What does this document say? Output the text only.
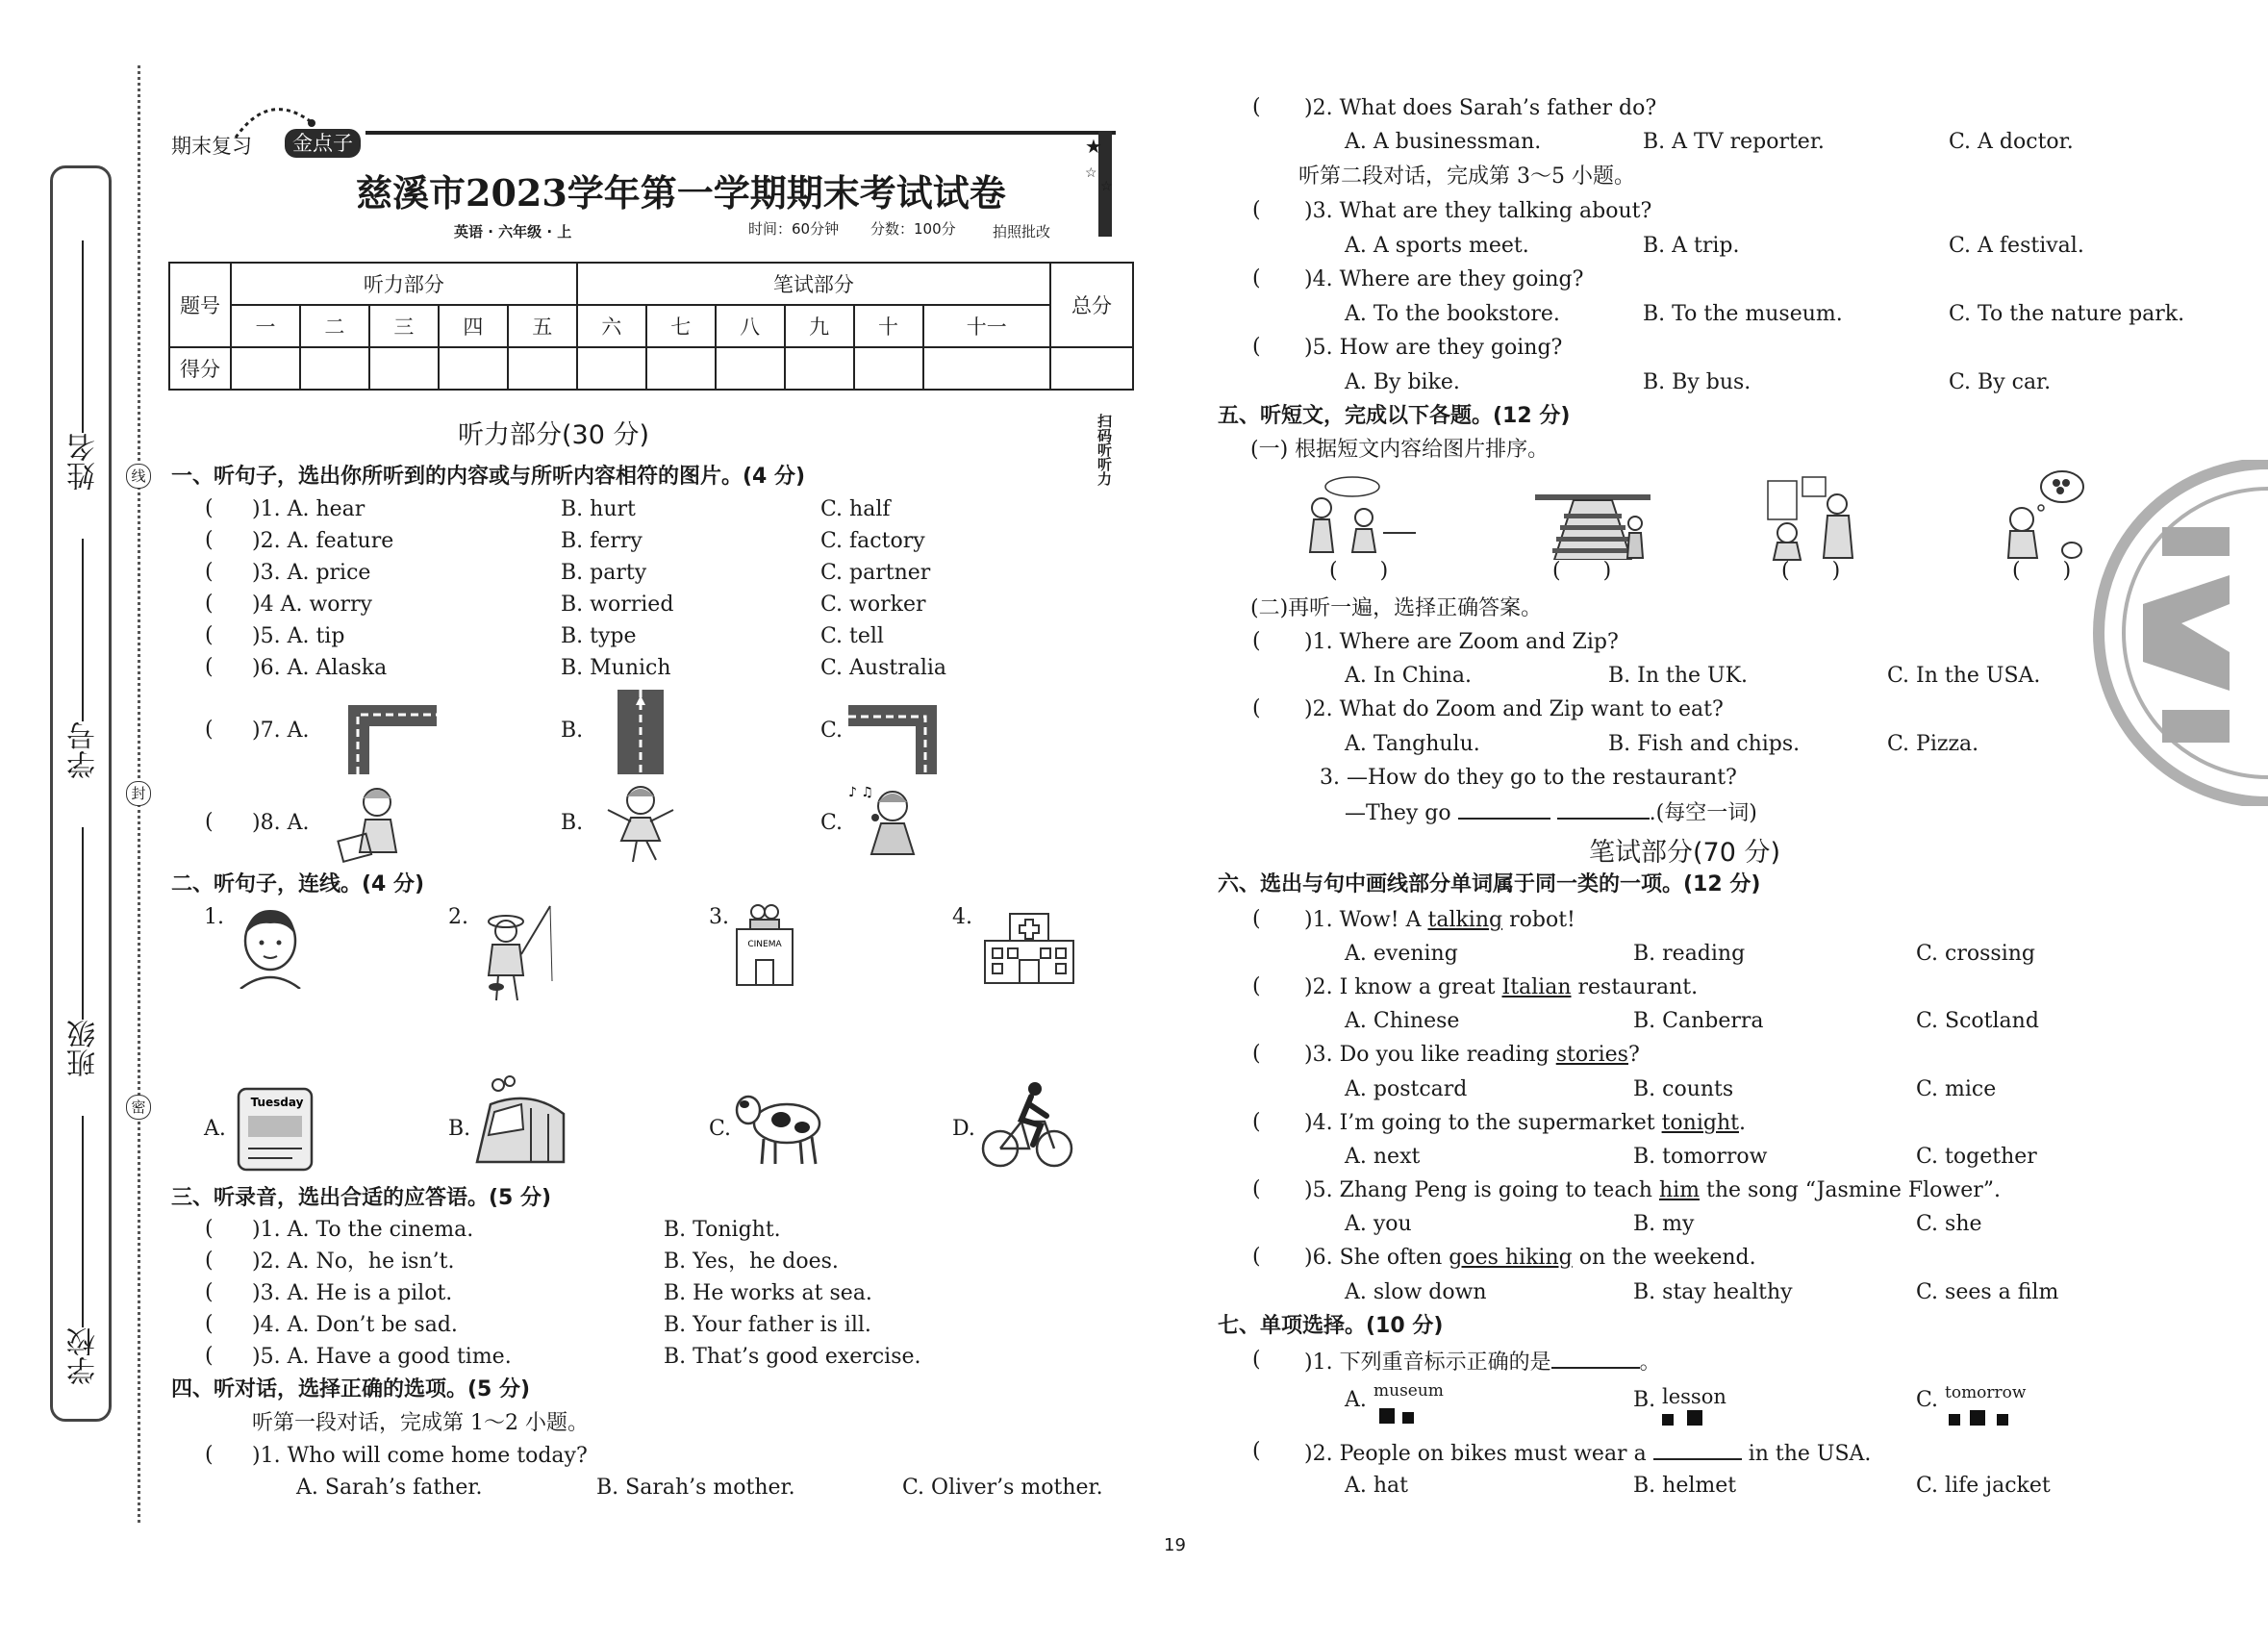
姓名
学号
班级
学校
线
封
密
期末复习	金点子	★
☆
☆
慈溪市2023学年第一学期期末考试试卷
英语 · 六年级 · 上	时间：60分钟 分数：100分	拍照批改
题号	听力部分					笔试部分						总分
	一	二	三	四	五	六	七	八	九	十	十一	
得分												
听力部分(30 分)	扫码听听力
一、听句子，选出你所听到的内容或与所听内容相符的图片。(4 分)
( )1. A. hear	B. hurt	C. half
( )2. A. feature	B. ferry	C. factory
( )3. A. price	B. party	C. partner
( )4 A. worry	B. worried	C. worker
( )5. A. tip	B. type	C. tell
( )6. A. Alaska	B. Munich	C. Australia
( )7. A.	B.	C.
( )8. A.	B.	C.
♪ ♫
二、听句子，连线。(4 分)
1.	2.	3.	4.
CINEMA
A.	B.	C.	D.
Tuesday
三、听录音，选出合适的应答语。(5 分)
( )1. A. To the cinema.	B. Tonight.
( )2. A. No，he isn’t.	B. Yes，he does.
( )3. A. He is a pilot.	B. He works at sea.
( )4. A. Don’t be sad.	B. Your father is ill.
( )5. A. Have a good time.	B. That’s good exercise.
四、听对话，选择正确的选项。(5 分)
听第一段对话，完成第 1～2 小题。
( )1. Who will come home today?
A. Sarah’s father.	B. Sarah’s mother.	C. Oliver’s mother.
( )2. What does Sarah’s father do?
A. A businessman.	B. A TV reporter.	C. A doctor.
听第二段对话，完成第 3～5 小题。
( )3. What are they talking about?
A. A sports meet.	B. A trip.	C. A festival.
( )4. Where are they going?
A. To the bookstore.	B. To the museum.	C. To the nature park.
( )5. How are they going?
A. By bike.	B. By bus.	C. By car.
五、听短文，完成以下各题。(12 分)
(一) 根据短文内容给图片排序。
(　　)	(　　)	(　　)	(　　)
(二)再听一遍，选择正确答案。
( )1. Where are Zoom and Zip?
A. In China.	B. In the UK.	C. In the USA.
( )2. What do Zoom and Zip want to eat?
A. Tanghulu.	B. Fish and chips.	C. Pizza.
3. —How do they go to the restaurant?
—They go	.(每空一词)
笔试部分(70 分)
六、选出与句中画线部分单词属于同一类的一项。(12 分)
( )1. Wow! A talking robot!
A. evening	B. reading	C. crossing
( )2. I know a great Italian restaurant.
A. Chinese	B. Canberra	C. Scotland
( )3. Do you like reading stories?
A. postcard	B. counts	C. mice
( )4. I’m going to the supermarket tonight.
A. next	B. tomorrow	C. together
( )5. Zhang Peng is going to teach him the song “Jasmine Flower”.
A. you	B. my	C. she
( )6. She often goes hiking on the weekend.
A. slow down	B. stay healthy	C. sees a film
七、单项选择。(10 分)
( )1. 下列重音标示正确的是	。
A. museum	B. lesson	C. tomorrow
( )2. People on bikes must wear a	in the USA.
A. hat	B. helmet	C. life jacket
19
